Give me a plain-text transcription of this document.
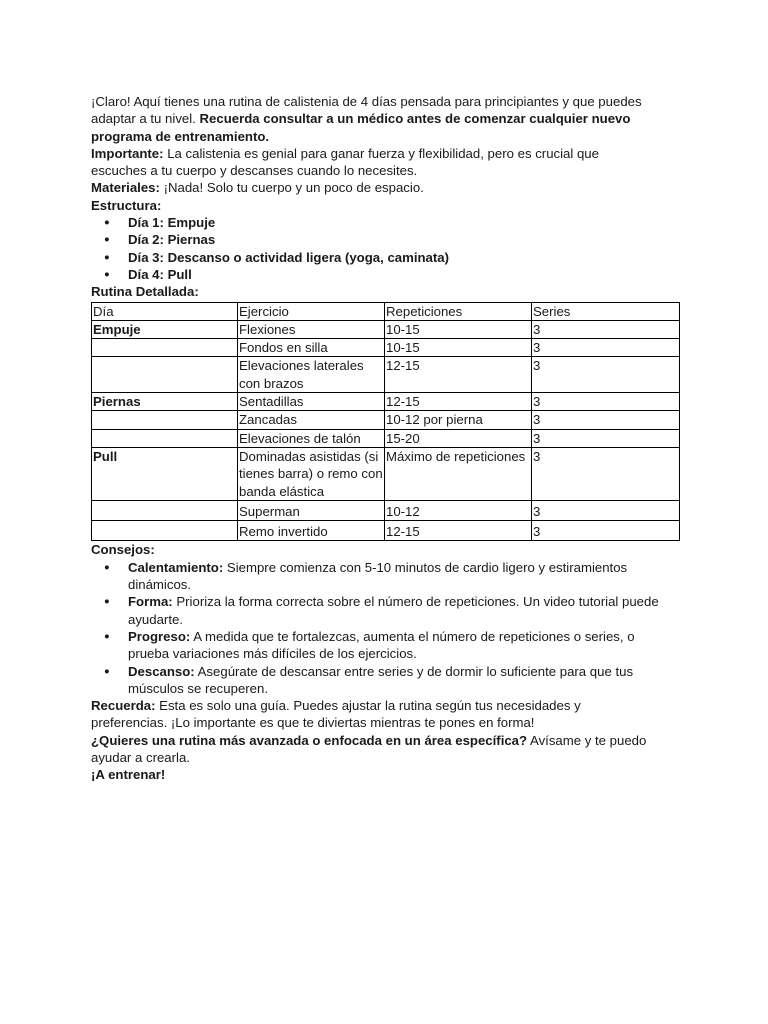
¡Claro! Aquí tienes una rutina de calistenia de 4 días pensada para principiantes y que puedes

adaptar a tu nivel. Recuerda consultar a un médico antes de comenzar cualquier nuevo

programa de entrenamiento.

Importante: La calistenia es genial para ganar fuerza y flexibilidad, pero es crucial que

escuches a tu cuerpo y descanses cuando lo necesites.

Materiales: ¡Nada! Solo tu cuerpo y un poco de espacio.

Estructura:

● Día 1: Empuje
● Día 2: Piernas
● Día 3: Descanso o actividad ligera (yoga, caminata)
● Día 4: Pull

Rutina Detallada:

Día	Ejercicio	Repeticiones	Series
Empuje	Flexiones	10-15	3
	Fondos en silla	10-15	3
	Elevaciones laterales con brazos	12-15	3
Piernas	Sentadillas	12-15	3
	Zancadas	10-12 por pierna	3
	Elevaciones de talón	15-20	3
Pull	Dominadas asistidas (si tienes barra) o remo con banda elástica	Máximo de repeticiones	3
	Superman	10-12	3
	Remo invertido	12-15	3

Consejos:

● Calentamiento: Siempre comienza con 5-10 minutos de cardio ligero y estiramientos dinámicos.
● Forma: Prioriza la forma correcta sobre el número de repeticiones. Un video tutorial puede ayudarte.
● Progreso: A medida que te fortalezcas, aumenta el número de repeticiones o series, o prueba variaciones más difíciles de los ejercicios.
● Descanso: Asegúrate de descansar entre series y de dormir lo suficiente para que tus músculos se recuperen.

Recuerda: Esta es solo una guía. Puedes ajustar la rutina según tus necesidades y

preferencias. ¡Lo importante es que te diviertas mientras te pones en forma!

¿Quieres una rutina más avanzada o enfocada en un área específica? Avísame y te puedo

ayudar a crearla.

¡A entrenar!
